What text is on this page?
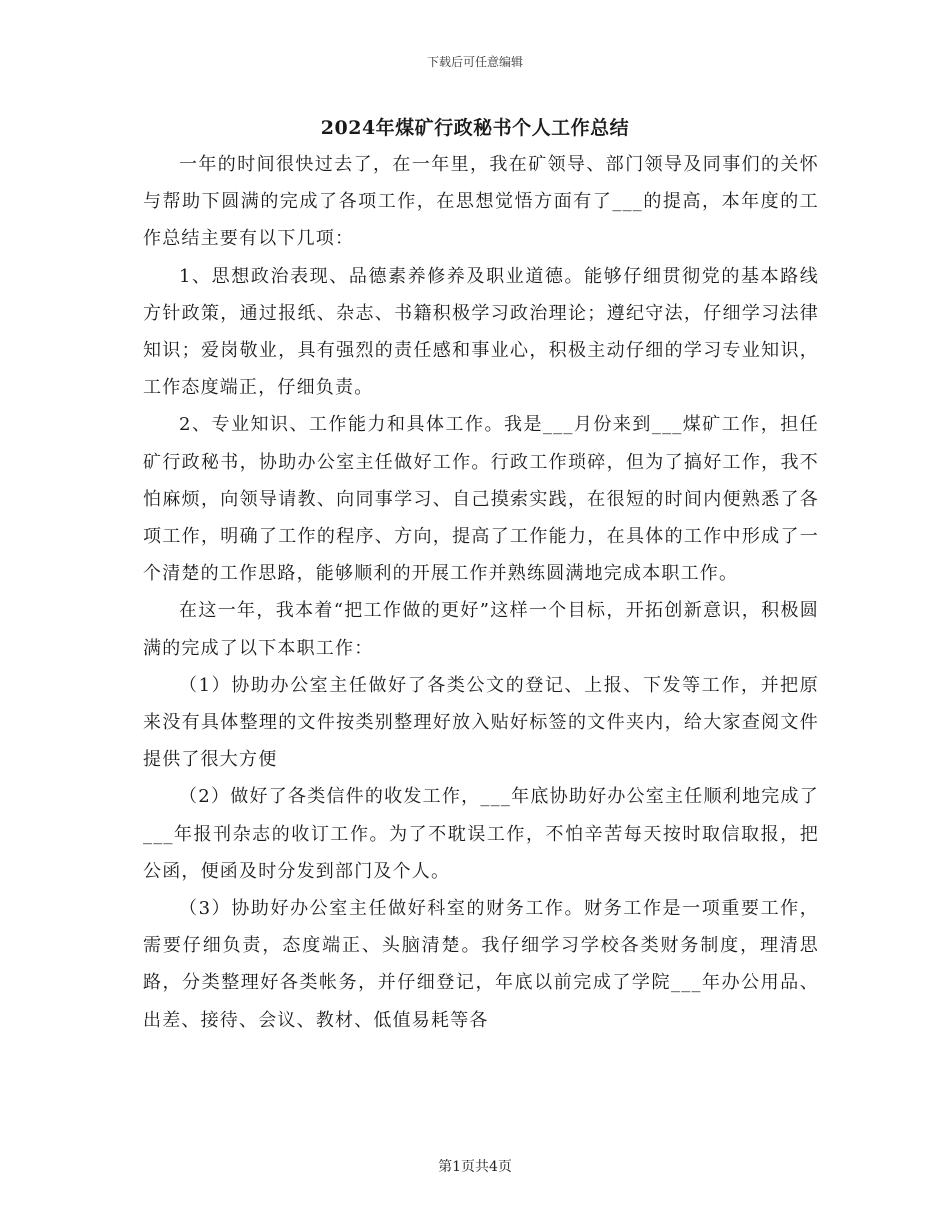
下载后可任意编辑
2024年煤矿行政秘书个人工作总结

一年的时间很快过去了，在一年里，我在矿领导、部门领导及同事们的关怀与帮助下圆满的完成了各项工作，在思想觉悟方面有了___的提高，本年度的工作总结主要有以下几项：

1、思想政治表现、品德素养修养及职业道德。能够仔细贯彻党的基本路线方针政策，通过报纸、杂志、书籍积极学习政治理论；遵纪守法，仔细学习法律知识；爱岗敬业，具有强烈的责任感和事业心，积极主动仔细的学习专业知识，工作态度端正，仔细负责。

2、专业知识、工作能力和具体工作。我是___月份来到___煤矿工作，担任矿行政秘书，协助办公室主任做好工作。行政工作琐碎，但为了搞好工作，我不怕麻烦，向领导请教、向同事学习、自己摸索实践，在很短的时间内便熟悉了各项工作，明确了工作的程序、方向，提高了工作能力，在具体的工作中形成了一个清楚的工作思路，能够顺利的开展工作并熟练圆满地完成本职工作。

在这一年，我本着“把工作做的更好”这样一个目标，开拓创新意识，积极圆满的完成了以下本职工作：

（1）协助办公室主任做好了各类公文的登记、上报、下发等工作，并把原来没有具体整理的文件按类别整理好放入贴好标签的文件夹内，给大家查阅文件提供了很大方便

（2）做好了各类信件的收发工作，___年底协助好办公室主任顺利地完成了___年报刊杂志的收订工作。为了不耽误工作，不怕辛苦每天按时取信取报，把公函，便函及时分发到部门及个人。

（3）协助好办公室主任做好科室的财务工作。财务工作是一项重要工作，需要仔细负责，态度端正、头脑清楚。我仔细学习学校各类财务制度，理清思路，分类整理好各类帐务，并仔细登记，年底以前完成了学院___年办公用品、出差、接待、会议、教材、低值易耗等各

第1页共4页
